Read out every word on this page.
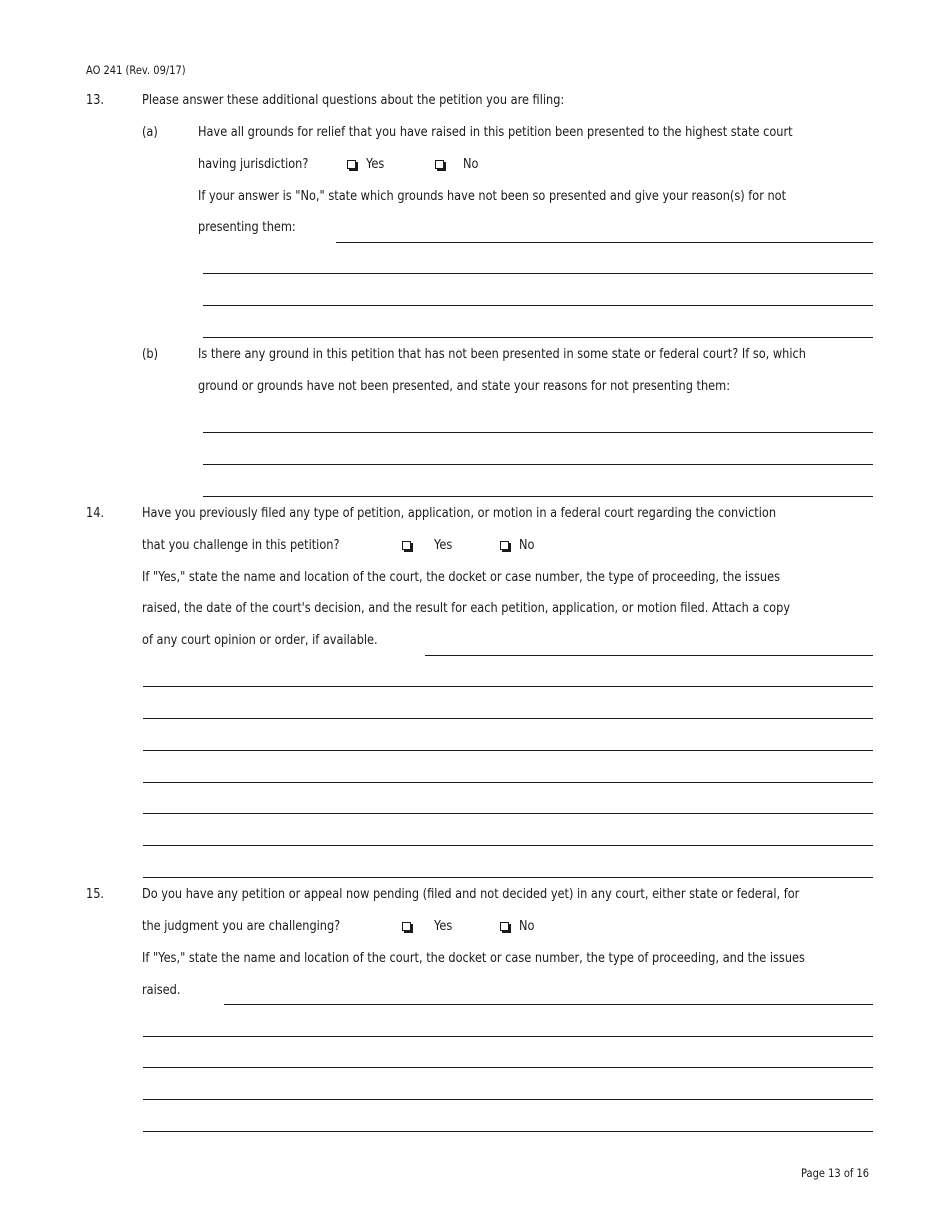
AO 241 (Rev. 09/17)
13.	Please answer these additional questions about the petition you are filing:
(a)	Have all grounds for relief that you have raised in this petition been presented to the highest state court
having jurisdiction?	Yes	No
If your answer is "No," state which grounds have not been so presented and give your reason(s) for not
presenting them:
(b)	Is there any ground in this petition that has not been presented in some state or federal court? If so, which
ground or grounds have not been presented, and state your reasons for not presenting them:
14.	Have you previously filed any type of petition, application, or motion in a federal court regarding the conviction
that you challenge in this petition?	Yes	No
If "Yes," state the name and location of the court, the docket or case number, the type of proceeding, the issues
raised, the date of the court's decision, and the result for each petition, application, or motion filed. Attach a copy
of any court opinion or order, if available.
15.	Do you have any petition or appeal now pending (filed and not decided yet) in any court, either state or federal, for
the judgment you are challenging?	Yes	No
If "Yes," state the name and location of the court, the docket or case number, the type of proceeding, and the issues
raised.
Page 13 of 16
